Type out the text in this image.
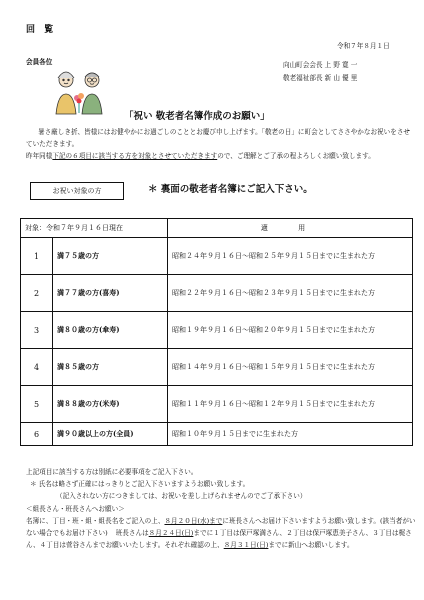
回 覧
令和７年８月１日
会員各位	向山町会会長 上 野 寛 一
敬老福祉部長 新 山 優 里
「祝い 敬老者名簿作成のお願い」
暑さ厳しき折、皆様にはお健やかにお過ごしのこととお慶び申し上げます。「敬老の日」に町会としてささやかなお祝いをさせていただきます。
昨年同様下記の６項目に該当する方を対象とさせていただきますので、ご理解とご了承の程よろしくお願い致します。
お祝い対象の方	＊ 裏面の敬老者名簿にご記入下さい。
対象：令和７年９月１６日現在		適 用
1	満７５歳の方	昭和２４年９月１６日～昭和２５年９月１５日までに生まれた方
2	満７７歳の方(喜寿)	昭和２２年９月１６日～昭和２３年９月１５日までに生まれた方
3	満８０歳の方(傘寿)	昭和１９年９月１６日～昭和２０年９月１５日までに生まれた方
4	満８５歳の方	昭和１４年９月１６日～昭和１５年９月１５日までに生まれた方
5	満８８歳の方(米寿)	昭和１１年９月１６日～昭和１２年９月１５日までに生まれた方
6	満９０歳以上の方(全員)	昭和１０年９月１５日までに生まれた方
上記項目に該当する方は別紙に必要事項をご記入下さい。
＊ 氏名は略さず正確にはっきりとご記入下さいますようお願い致します。
（記入されない方につきましては、お祝いを差し上げられませんのでご了承下さい）
＜組長さん・班長さんへお願い＞
名簿に、丁目・班・組・組長名をご記入の上、８月２０日(水)までに班長さんへお届け下さいますようお願い致します。(該当者がいない場合でもお届け下さい) 班長さんは８月２４日(日)までに１丁目は保戸塚満さん、２丁目は保戸塚恵美子さん、３丁目は梶さん、４丁目は菅谷さんまでお願いいたします。それぞれ確認の上、８月３１日(日)までに新山へお願いします。
